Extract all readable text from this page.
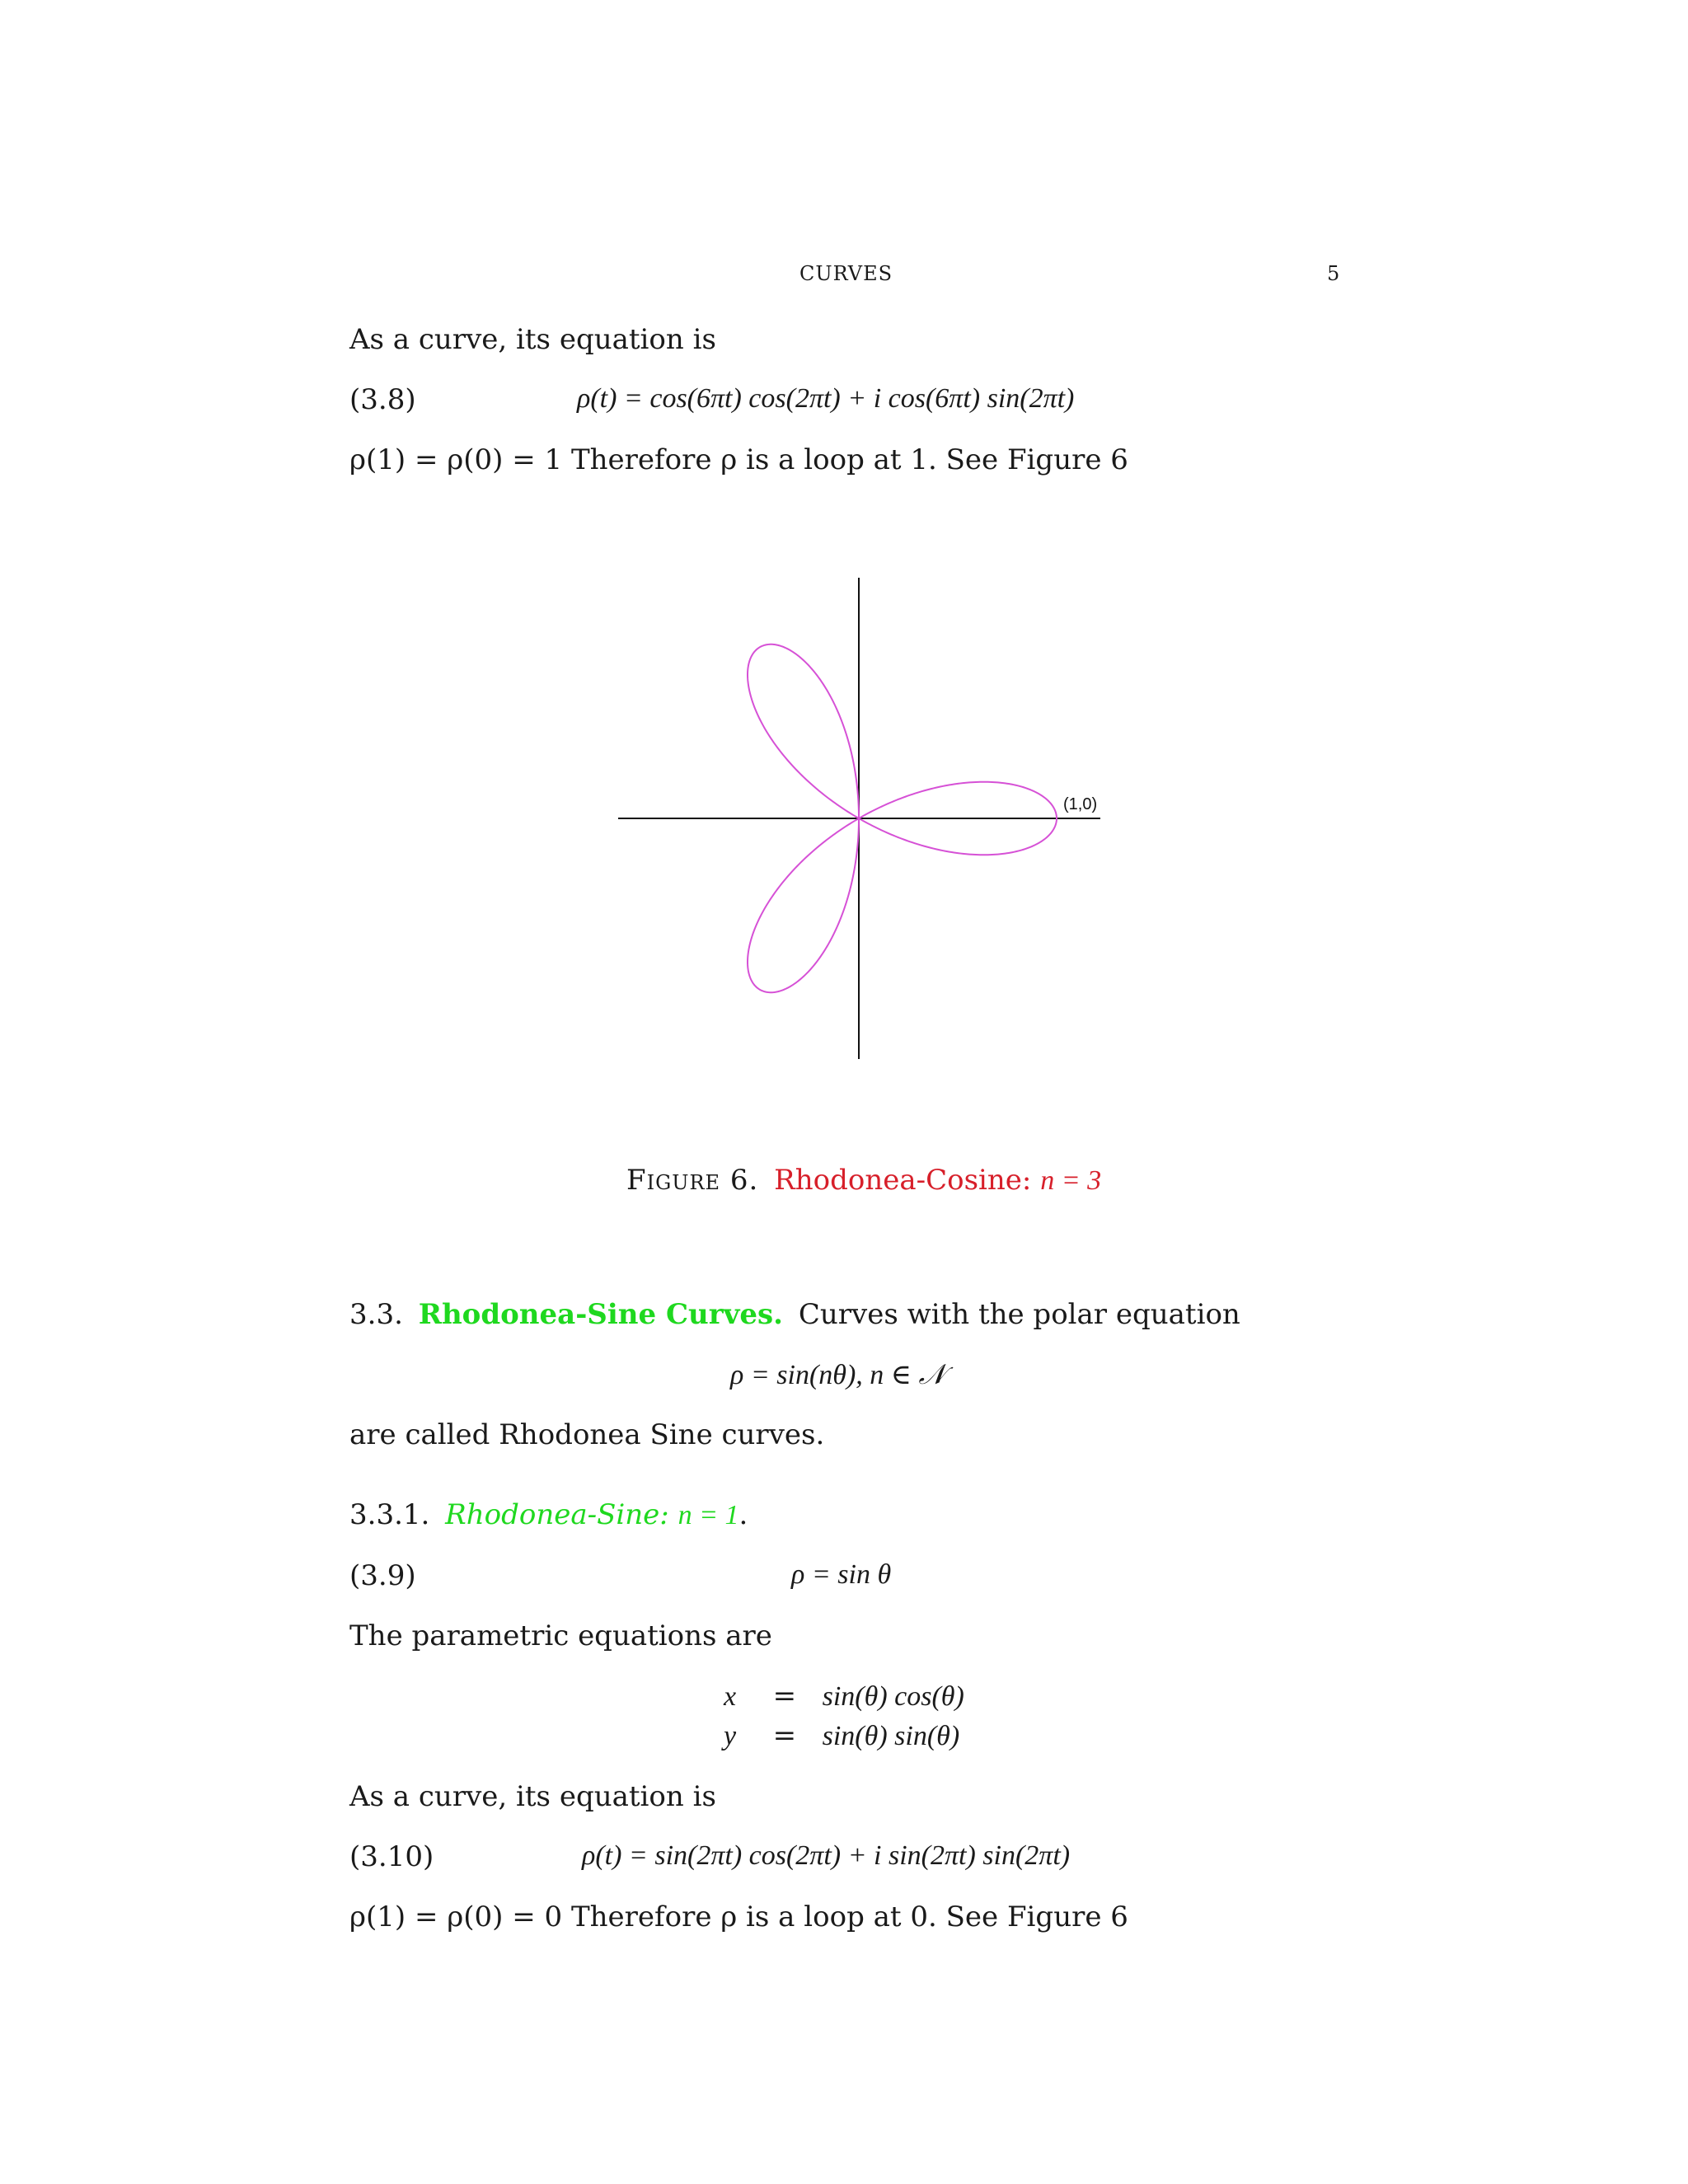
CURVES	5
As a curve, its equation is
(3.8)	ρ(t) = cos(6πt) cos(2πt) + i cos(6πt) sin(2πt)
ρ(1) = ρ(0) = 1 Therefore ρ is a loop at 1. See Figure 6
(1,0)
Figure 6. Rhodonea-Cosine: n = 3
3.3. Rhodonea-Sine Curves. Curves with the polar equation
ρ = sin(nθ), n ∈ 𝒩
are called Rhodonea Sine curves.
3.3.1. Rhodonea-Sine: n = 1.
(3.9)	ρ = sin θ
The parametric equations are
x = sin(θ) cos(θ)
y = sin(θ) sin(θ)
As a curve, its equation is
(3.10)	ρ(t) = sin(2πt) cos(2πt) + i sin(2πt) sin(2πt)
ρ(1) = ρ(0) = 0 Therefore ρ is a loop at 0. See Figure 6
